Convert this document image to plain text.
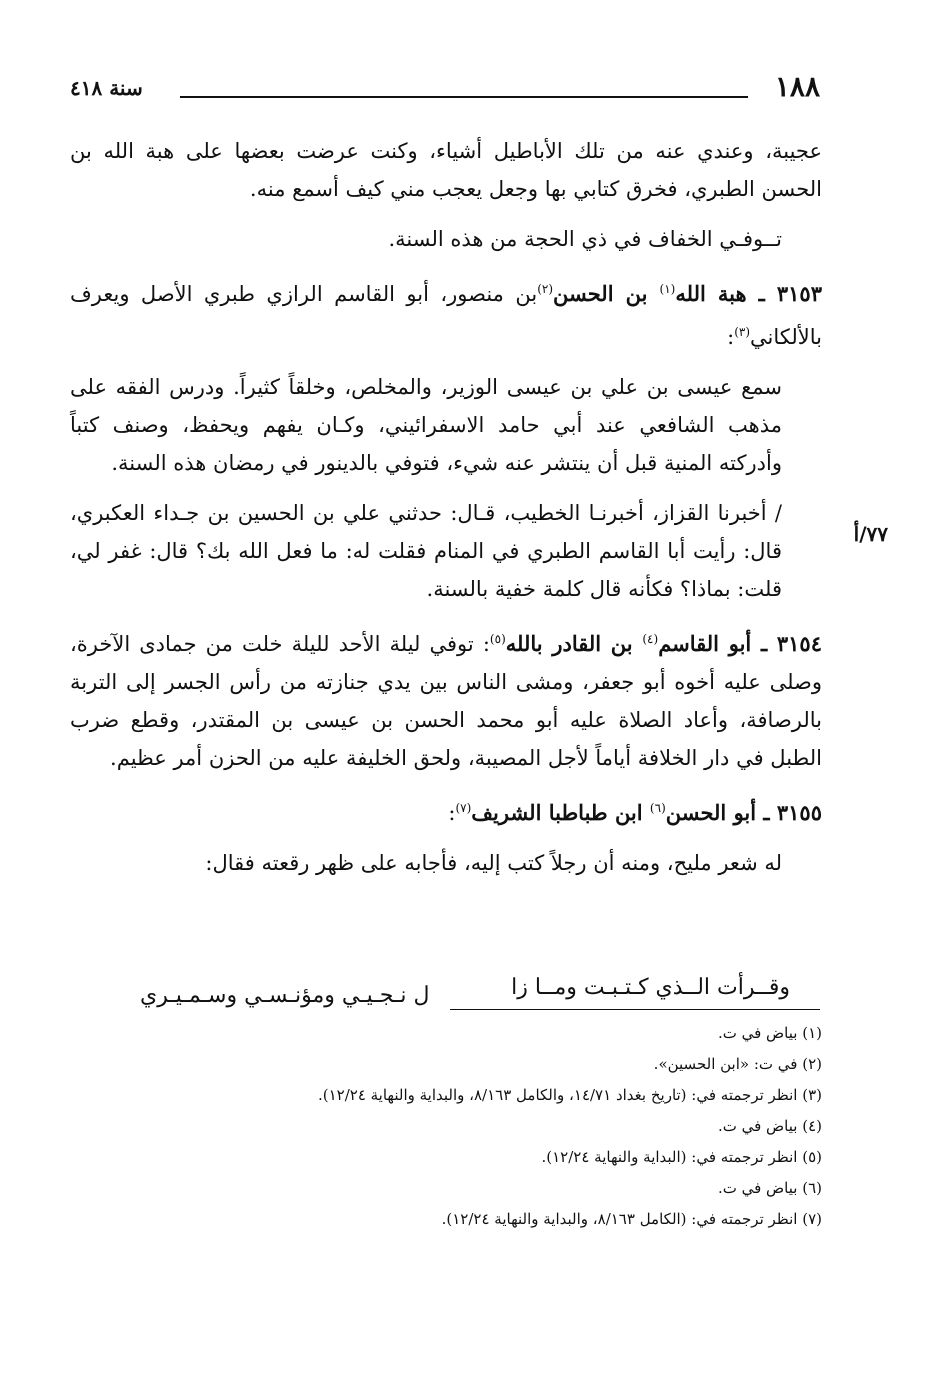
١٨٨
سنة ٤١٨
٧٧/أ

عجيبة، وعندي عنه من تلك الأباطيل أشياء، وكنت عرضت بعضها على هبة الله بن الحسن الطبري، فخرق كتابي بها وجعل يعجب مني كيف أسمع منه.

تــوفـي الخفاف في ذي الحجة من هذه السنة.

٣١٥٣ ـ هبة الله$^{(١)}$ بن الحسن$^{(٢)}$بن منصور، أبو القاسم الرازي طبري الأصل ويعرف بالألكاني$^{(٣)}$:

سمع عيسى بن علي بن عيسى الوزير، والمخلص، وخلقاً كثيراً. ودرس الفقه على مذهب الشافعي عند أبي حامد الاسفرائيني، وكـان يفهم ويحفظ، وصنف كتباً وأدركته المنية قبل أن ينتشر عنه شيء، فتوفي بالدينور في رمضان هذه السنة.

/ أخبرنا القزاز، أخبرنـا الخطيب، قـال: حدثني علي بن الحسين بن جـداء العكبري، قال: رأيت أبا القاسم الطبري في المنام فقلت له: ما فعل الله بك؟ قال: غفر لي، قلت: بماذا؟ فكأنه قال كلمة خفية بالسنة.

٣١٥٤ ـ أبو القاسم$^{(٤)}$ بن القادر بالله$^{(٥)}$: توفي ليلة الأحد لليلة خلت من جمادى الآخرة، وصلى عليه أخوه أبو جعفر، ومشى الناس بين يدي جنازته من رأس الجسر إلى التربة بالرصافة، وأعاد الصلاة عليه أبو محمد الحسن بن عيسى بن المقتدر، وقطع ضرب الطبل في دار الخلافة أياماً لأجل المصيبة، ولحق الخليفة عليه من الحزن أمر عظيم.

٣١٥٥ ـ أبو الحسن$^{(٦)}$ ابن طباطبا الشريف$^{(٧)}$:

له شعر مليح، ومنه أن رجلاً كتب إليه، فأجابه على ظهر رقعته فقال:

وقــرأت الــذي كـتـبـت ومــا زا
ل نـجـيـي ومؤنـسـي وسـمـيـري

(١) بياض في ت.

(٢) في ت: «ابن الحسين».

(٣) انظر ترجمته في: (تاريخ بغداد ١٤/٧١، والكامل ٨/١٦٣، والبداية والنهاية ١٢/٢٤).

(٤) بياض في ت.

(٥) انظر ترجمته في: (البداية والنهاية ١٢/٢٤).

(٦) بياض في ت.

(٧) انظر ترجمته في: (الكامل ٨/١٦٣، والبداية والنهاية ١٢/٢٤).
